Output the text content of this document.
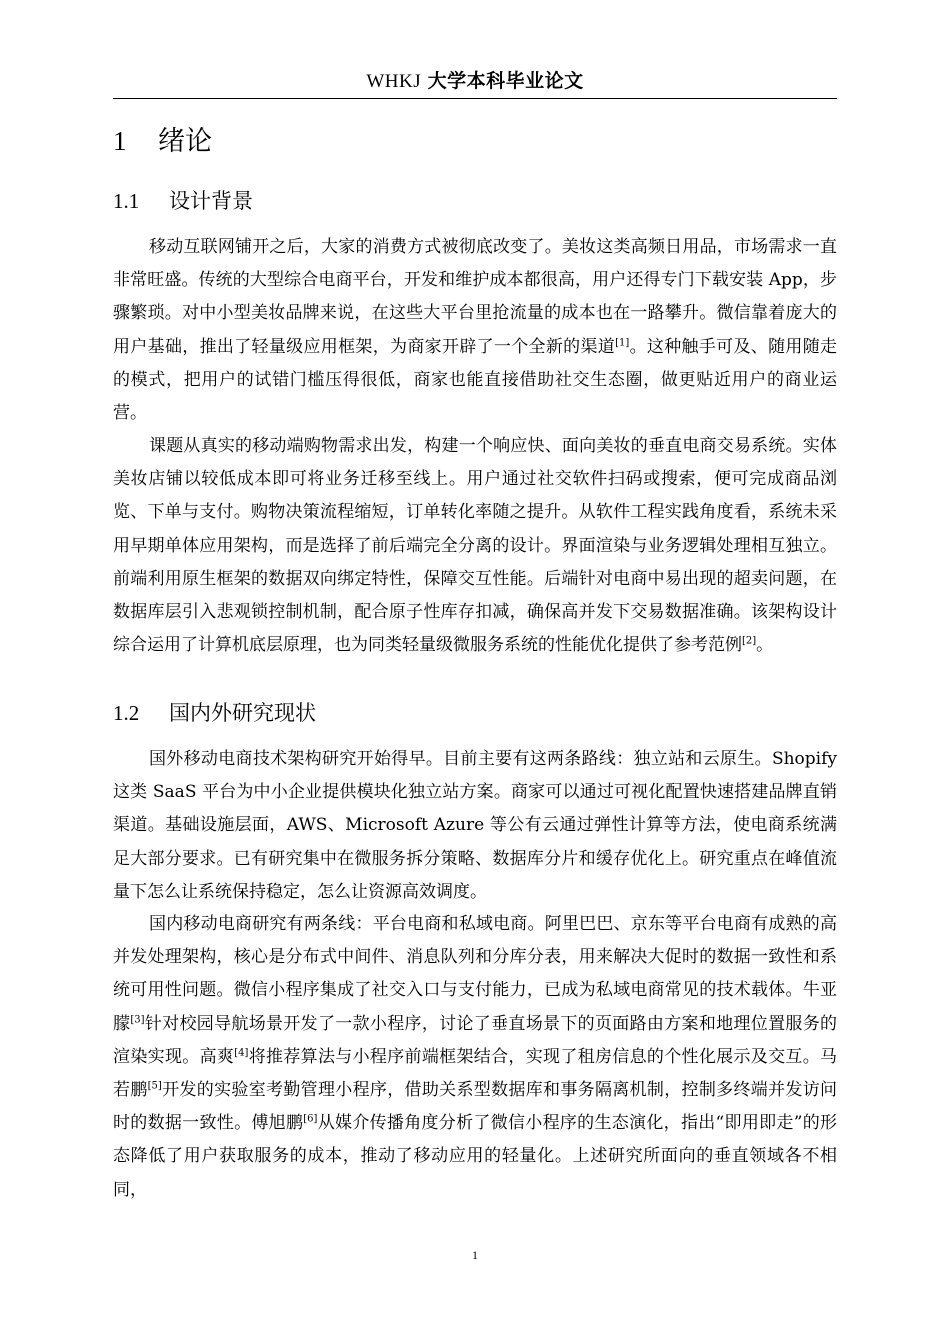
WHKJ 大学本科毕业论文
1 绪论
1.1 设计背景

移动互联网铺开之后，大家的消费方式被彻底改变了。美妆这类高频日用品，市场需求一直非常旺盛。传统的大型综合电商平台，开发和维护成本都很高，用户还得专门下载安装 App，步骤繁琐。对中小型美妆品牌来说，在这些大平台里抢流量的成本也在一路攀升。微信靠着庞大的用户基础，推出了轻量级应用框架，为商家开辟了一个全新的渠道[1]。这种触手可及、随用随走的模式，把用户的试错门槛压得很低，商家也能直接借助社交生态圈，做更贴近用户的商业运营。

课题从真实的移动端购物需求出发，构建一个响应快、面向美妆的垂直电商交易系统。实体美妆店铺以较低成本即可将业务迁移至线上。用户通过社交软件扫码或搜索，便可完成商品浏览、下单与支付。购物决策流程缩短，订单转化率随之提升。从软件工程实践角度看，系统未采用早期单体应用架构，而是选择了前后端完全分离的设计。界面渲染与业务逻辑处理相互独立。前端利用原生框架的数据双向绑定特性，保障交互性能。后端针对电商中易出现的超卖问题，在数据库层引入悲观锁控制机制，配合原子性库存扣减，确保高并发下交易数据准确。该架构设计综合运用了计算机底层原理，也为同类轻量级微服务系统的性能优化提供了参考范例[2]。

1.2 国内外研究现状

国外移动电商技术架构研究开始得早。目前主要有这两条路线：独立站和云原生。Shopify 这类 SaaS 平台为中小企业提供模块化独立站方案。商家可以通过可视化配置快速搭建品牌直销渠道。基础设施层面，AWS、Microsoft Azure 等公有云通过弹性计算等方法，使电商系统满足大部分要求。已有研究集中在微服务拆分策略、数据库分片和缓存优化上。研究重点在峰值流量下怎么让系统保持稳定，怎么让资源高效调度。

国内移动电商研究有两条线：平台电商和私域电商。阿里巴巴、京东等平台电商有成熟的高并发处理架构，核心是分布式中间件、消息队列和分库分表，用来解决大促时的数据一致性和系统可用性问题。微信小程序集成了社交入口与支付能力，已成为私域电商常见的技术载体。牛亚朦[3]针对校园导航场景开发了一款小程序，讨论了垂直场景下的页面路由方案和地理位置服务的渲染实现。高爽[4]将推荐算法与小程序前端框架结合，实现了租房信息的个性化展示及交互。马若鹏[5]开发的实验室考勤管理小程序，借助关系型数据库和事务隔离机制，控制多终端并发访问时的数据一致性。傅旭鹏[6]从媒介传播角度分析了微信小程序的生态演化，指出“即用即走”的形态降低了用户获取服务的成本，推动了移动应用的轻量化。上述研究所面向的垂直领域各不相同，

1
